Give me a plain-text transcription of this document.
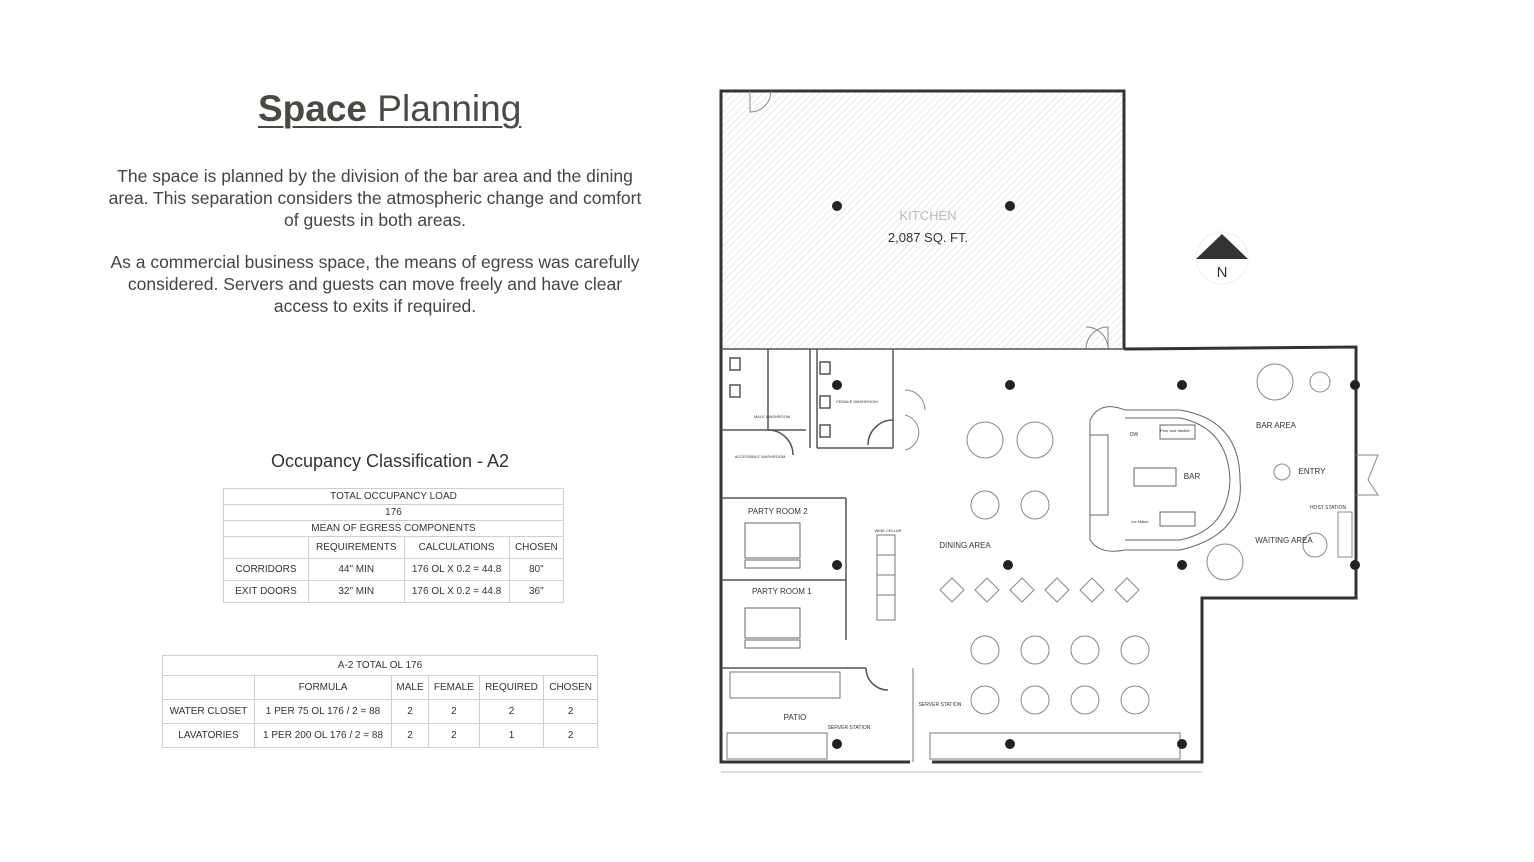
Space Planning
The space is planned by the division of the bar area and the dining area. This separation considers the atmospheric change and comfort of guests in both areas.
As a commercial business space, the means of egress was carefully considered. Servers and guests can move freely and have clear access to exits if required.
Occupancy Classification - A2
TOTAL OCCUPANCY LOAD			
176			
MEAN OF EGRESS COMPONENTS			
	REQUIREMENTS	CALCULATIONS	CHOSEN
CORRIDORS	44" MIN	176 OL X 0.2 = 44.8	80"
EXIT DOORS	32" MIN	176 OL X 0.2 = 44.8	36"
A-2 TOTAL OL 176					
	FORMULA	MALE	FEMALE	REQUIRED	CHOSEN
WATER CLOSET	1 PER 75 OL 176 / 2 = 88	2	2	2	2
LAVATORIES	1 PER 200 OL 176 / 2 = 88	2	2	1	2
KITCHEN
2,087 SQ. FT.
N
MALE WASHROOM
FEMALE WASHROOM
ACCESSIBLE WASHROOM
PARTY ROOM 2
PARTY ROOM 1
PATIO
SERVER STATION
SERVER STATION
WINE CELLAR
DINING AREA
BAR
DW
Pour and distiller
Ice Maker
BAR AREA
ENTRY
HOST STATION
WAITING AREA
